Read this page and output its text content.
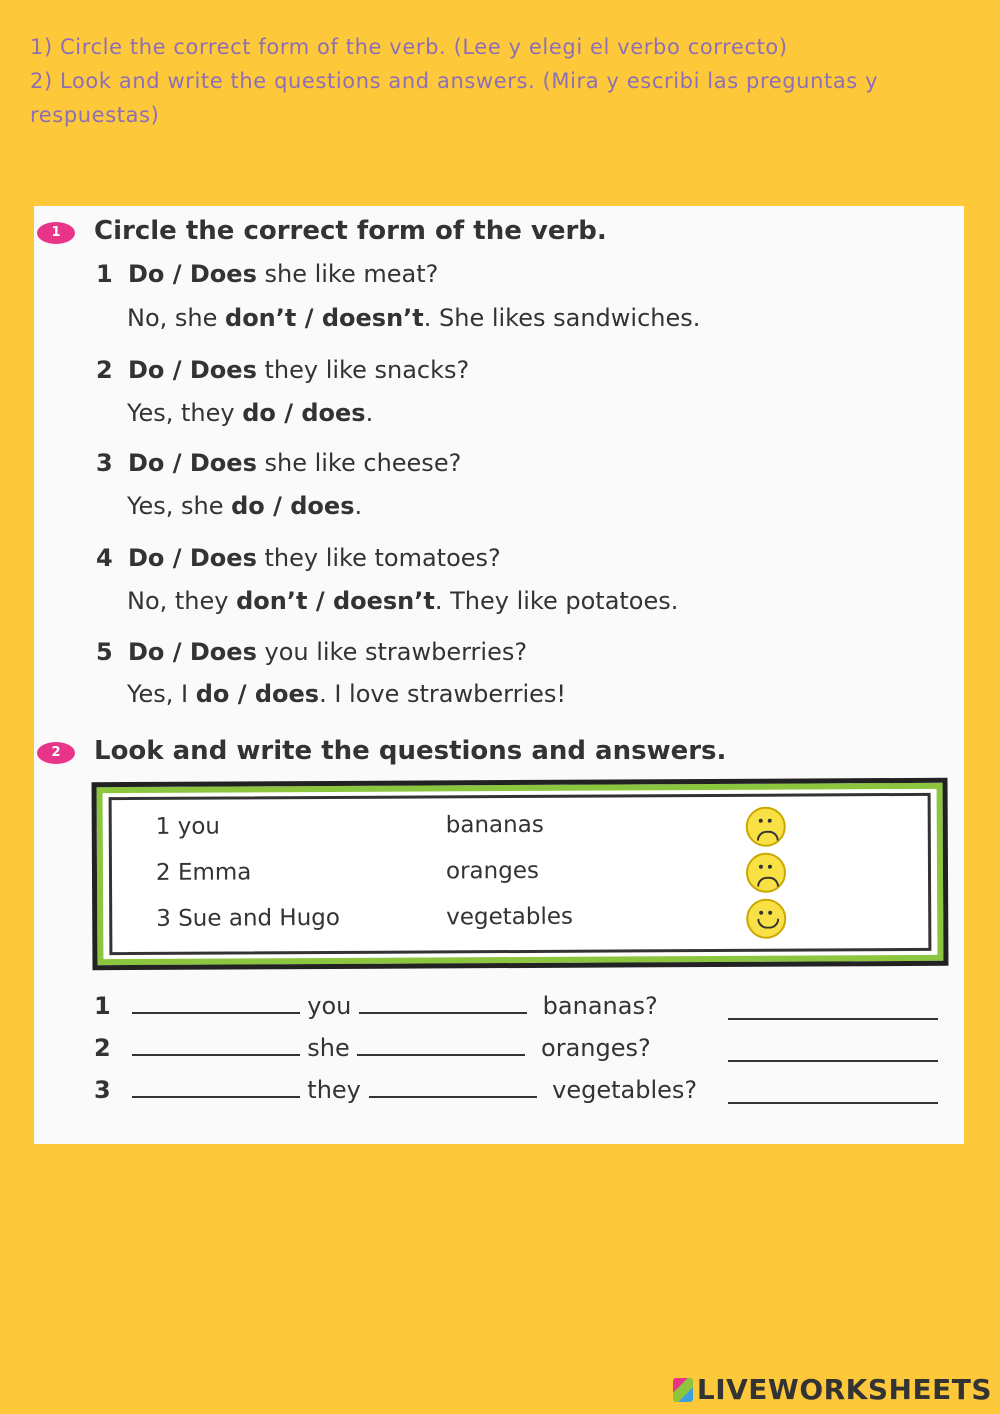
1) Circle the correct form of the verb. (Lee y elegi el verbo correcto)
2) Look and write the questions and answers. (Mira y escribi las preguntas y respuestas)
1	Circle the correct form of the verb.
1 Do / Does she like meat?
No, she don’t / doesn’t. She likes sandwiches.
2 Do / Does they like snacks?
Yes, they do / does.
3 Do / Does she like cheese?
Yes, she do / does.
4 Do / Does they like tomatoes?
No, they don’t / doesn’t. They like potatoes.
5 Do / Does you like strawberries?
Yes, I do / does. I love strawberries!
2	Look and write the questions and answers.
1 you	bananas
2 Emma	oranges
3 Sue and Hugo	vegetables
1	you	bananas?
2	she	oranges?
3	they	vegetables?
LIVEWORKSHEETS
